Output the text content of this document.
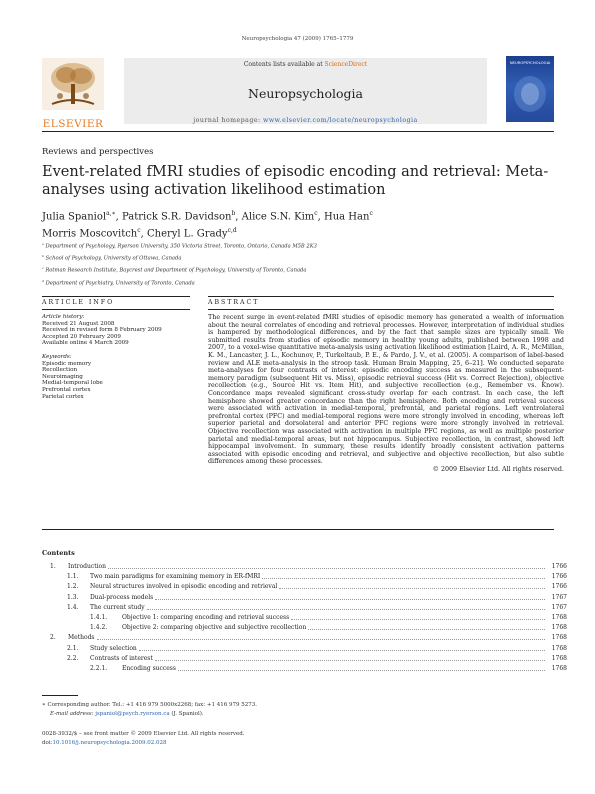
Neuropsychologia 47 (2009) 1765–1779
ELSEVIER
Contents lists available at ScienceDirect
Neuropsychologia
journal homepage: www.elsevier.com/locate/neuropsychologia
NEUROPSYCHOLOGIA
Reviews and perspectives
Event-related fMRI studies of episodic encoding and retrieval: Meta-analyses using activation likelihood estimation
Julia Spaniol$^{a,∗}$, Patrick S.R. Davidson$^b$, Alice S.N. Kim$^c$, Hua Han$^c$
Morris Moscovitch$^c$, Cheryl L. Grady$^{c,d}$
$^a$ Department of Psychology, Ryerson University, 350 Victoria Street, Toronto, Ontario, Canada M5B 2K3
$^b$ School of Psychology, University of Ottawa, Canada
$^c$ Rotman Research Institute, Baycrest and Department of Psychology, University of Toronto, Canada
$^d$ Department of Psychiatry, University of Toronto, Canada
ARTICLE INFO
Article history:
Received 21 August 2008
Received in revised form 8 February 2009
Accepted 20 February 2009
Available online 4 March 2009
Keywords:
Episodic memory
Recollection
Neuroimaging
Medial-temporal lobe
Prefrontal cortex
Parietal cortex
ABSTRACT
The recent surge in event-related fMRI studies of episodic memory has generated a wealth of information about the neural correlates of encoding and retrieval processes. However, interpretation of individual studies is hampered by methodological differences, and by the fact that sample sizes are typically small. We submitted results from studies of episodic memory in healthy young adults, published between 1998 and 2007, to a voxel-wise quantitative meta-analysis using activation likelihood estimation [Laird, A. R., McMillan, K. M., Lancaster, J. L., Kochunov, P., Turkeltaub, P. E., & Pardo, J. V., et al. (2005). A comparison of label-based review and ALE meta-analysis in the stroop task. Human Brain Mapping, 25, 6–21]. We conducted separate meta-analyses for four contrasts of interest: episodic encoding success as measured in the subsequent-memory paradigm (subsequent Hit vs. Miss), episodic retrieval success (Hit vs. Correct Rejection), objective recollection (e.g., Source Hit vs. Item Hit), and subjective recollection (e.g., Remember vs. Know). Concordance maps revealed significant cross-study overlap for each contrast. In each case, the left hemisphere showed greater concordance than the right hemisphere. Both encoding and retrieval success were associated with activation in medial-temporal, prefrontal, and parietal regions. Left ventrolateral prefrontal cortex (PFC) and medial-temporal regions were more strongly involved in encoding, whereas left superior parietal and dorsolateral and anterior PFC regions were more strongly involved in retrieval. Objective recollection was associated with activation in multiple PFC regions, as well as multiple posterior parietal and medial-temporal areas, but not hippocampus. Subjective recollection, in contrast, showed left hippocampal involvement. In summary, these results identify broadly consistent activation patterns associated with episodic encoding and retrieval, and subjective and objective recollection, but also subtle differences among these processes.
© 2009 Elsevier Ltd. All rights reserved.
Contents
1. Introduction	1766
1.1. Two main paradigms for examining memory in ER-fMRI	1766
1.2. Neural structures involved in episodic encoding and retrieval	1766
1.3. Dual-process models	1767
1.4. The current study	1767
1.4.1. Objective 1: comparing encoding and retrieval success	1768
1.4.2. Objective 2: comparing objective and subjective recollection	1768
2. Methods	1768
2.1. Study selection	1768
2.2. Contrasts of interest	1768
2.2.1. Encoding success	1768
∗ Corresponding author. Tel.: +1 416 979 5000x2268; fax: +1 416 979 5273.
E-mail address: jspaniol@psych.ryerson.ca (J. Spaniol).
0028-3932/$ – see front matter © 2009 Elsevier Ltd. All rights reserved.
doi:10.1016/j.neuropsychologia.2009.02.028
